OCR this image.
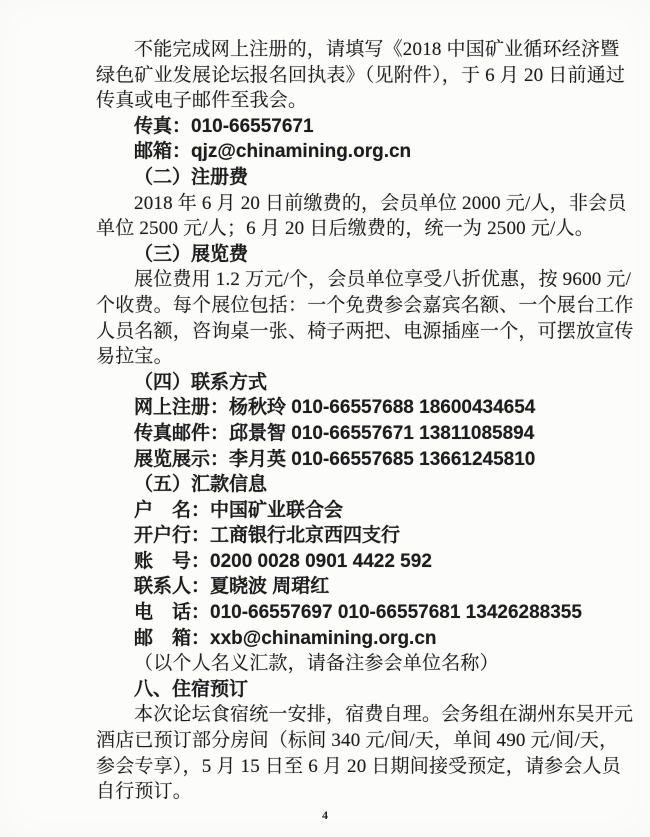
不能完成网上注册的，请填写《2018 中国矿业循环经济暨
绿色矿业发展论坛报名回执表》（见附件），于 6 月 20 日前通过
传真或电子邮件至我会。
传真：010-66557671
邮箱：qjz@chinamining.org.cn
（二）注册费
2018 年 6 月 20 日前缴费的，会员单位 2000 元/人，非会员
单位 2500 元/人；6 月 20 日后缴费的，统一为 2500 元/人。
（三）展览费
展位费用 1.2 万元/个，会员单位享受八折优惠，按 9600 元/
个收费。每个展位包括：一个免费参会嘉宾名额、一个展台工作
人员名额，咨询桌一张、椅子两把、电源插座一个，可摆放宣传
易拉宝。
（四）联系方式
网上注册：杨秋玲 010-66557688 18600434654
传真邮件：邱景智 010-66557671 13811085894
展览展示：李月英 010-66557685 13661245810
（五）汇款信息
户　名：中国矿业联合会
开户行：工商银行北京西四支行
账　号：0200 0028 0901 4422 592
联系人：夏晓波 周珺红
电　话：010-66557697 010-66557681 13426288355
邮　箱：xxb@chinamining.org.cn
（以个人名义汇款，请备注参会单位名称）
八、住宿预订
本次论坛食宿统一安排，宿费自理。会务组在湖州东吴开元
酒店已预订部分房间（标间 340 元/间/天，单间 490 元/间/天，
参会专享），5 月 15 日至 6 月 20 日期间接受预定，请参会人员
自行预订。
4
